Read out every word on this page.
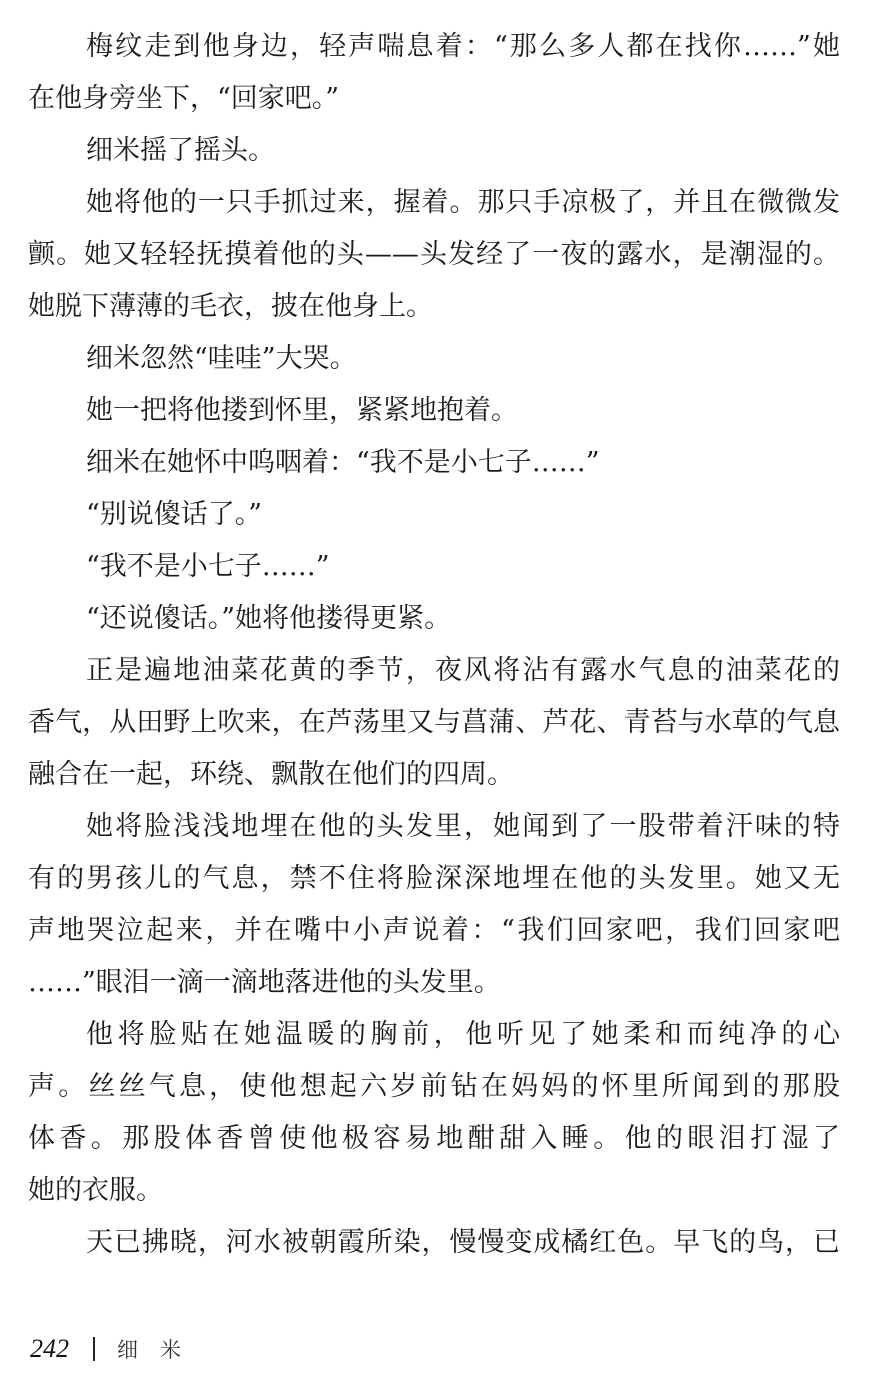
梅纹走到他身边，轻声喘息着：“那么多人都在找你……”她
在他身旁坐下，“回家吧。”
细米摇了摇头。
她将他的一只手抓过来，握着。那只手凉极了，并且在微微发
颤。她又轻轻抚摸着他的头——头发经了一夜的露水，是潮湿的。
她脱下薄薄的毛衣，披在他身上。
细米忽然“哇哇”大哭。
她一把将他搂到怀里，紧紧地抱着。
细米在她怀中呜咽着：“我不是小七子……”
“别说傻话了。”
“我不是小七子……”
“还说傻话。”她将他搂得更紧。
正是遍地油菜花黄的季节，夜风将沾有露水气息的油菜花的
香气，从田野上吹来，在芦荡里又与菖蒲、芦花、青苔与水草的气息
融合在一起，环绕、飘散在他们的四周。
她将脸浅浅地埋在他的头发里，她闻到了一股带着汗味的特
有的男孩儿的气息，禁不住将脸深深地埋在他的头发里。她又无
声地哭泣起来，并在嘴中小声说着：“我们回家吧，我们回家吧
……”眼泪一滴一滴地落进他的头发里。
他将脸贴在她温暖的胸前，他听见了她柔和而纯净的心
声。丝丝气息，使他想起六岁前钻在妈妈的怀里所闻到的那股
体香。那股体香曾使他极容易地酣甜入睡。他的眼泪打湿了
她的衣服。
天已拂晓，河水被朝霞所染，慢慢变成橘红色。早飞的鸟，已
242 细米
